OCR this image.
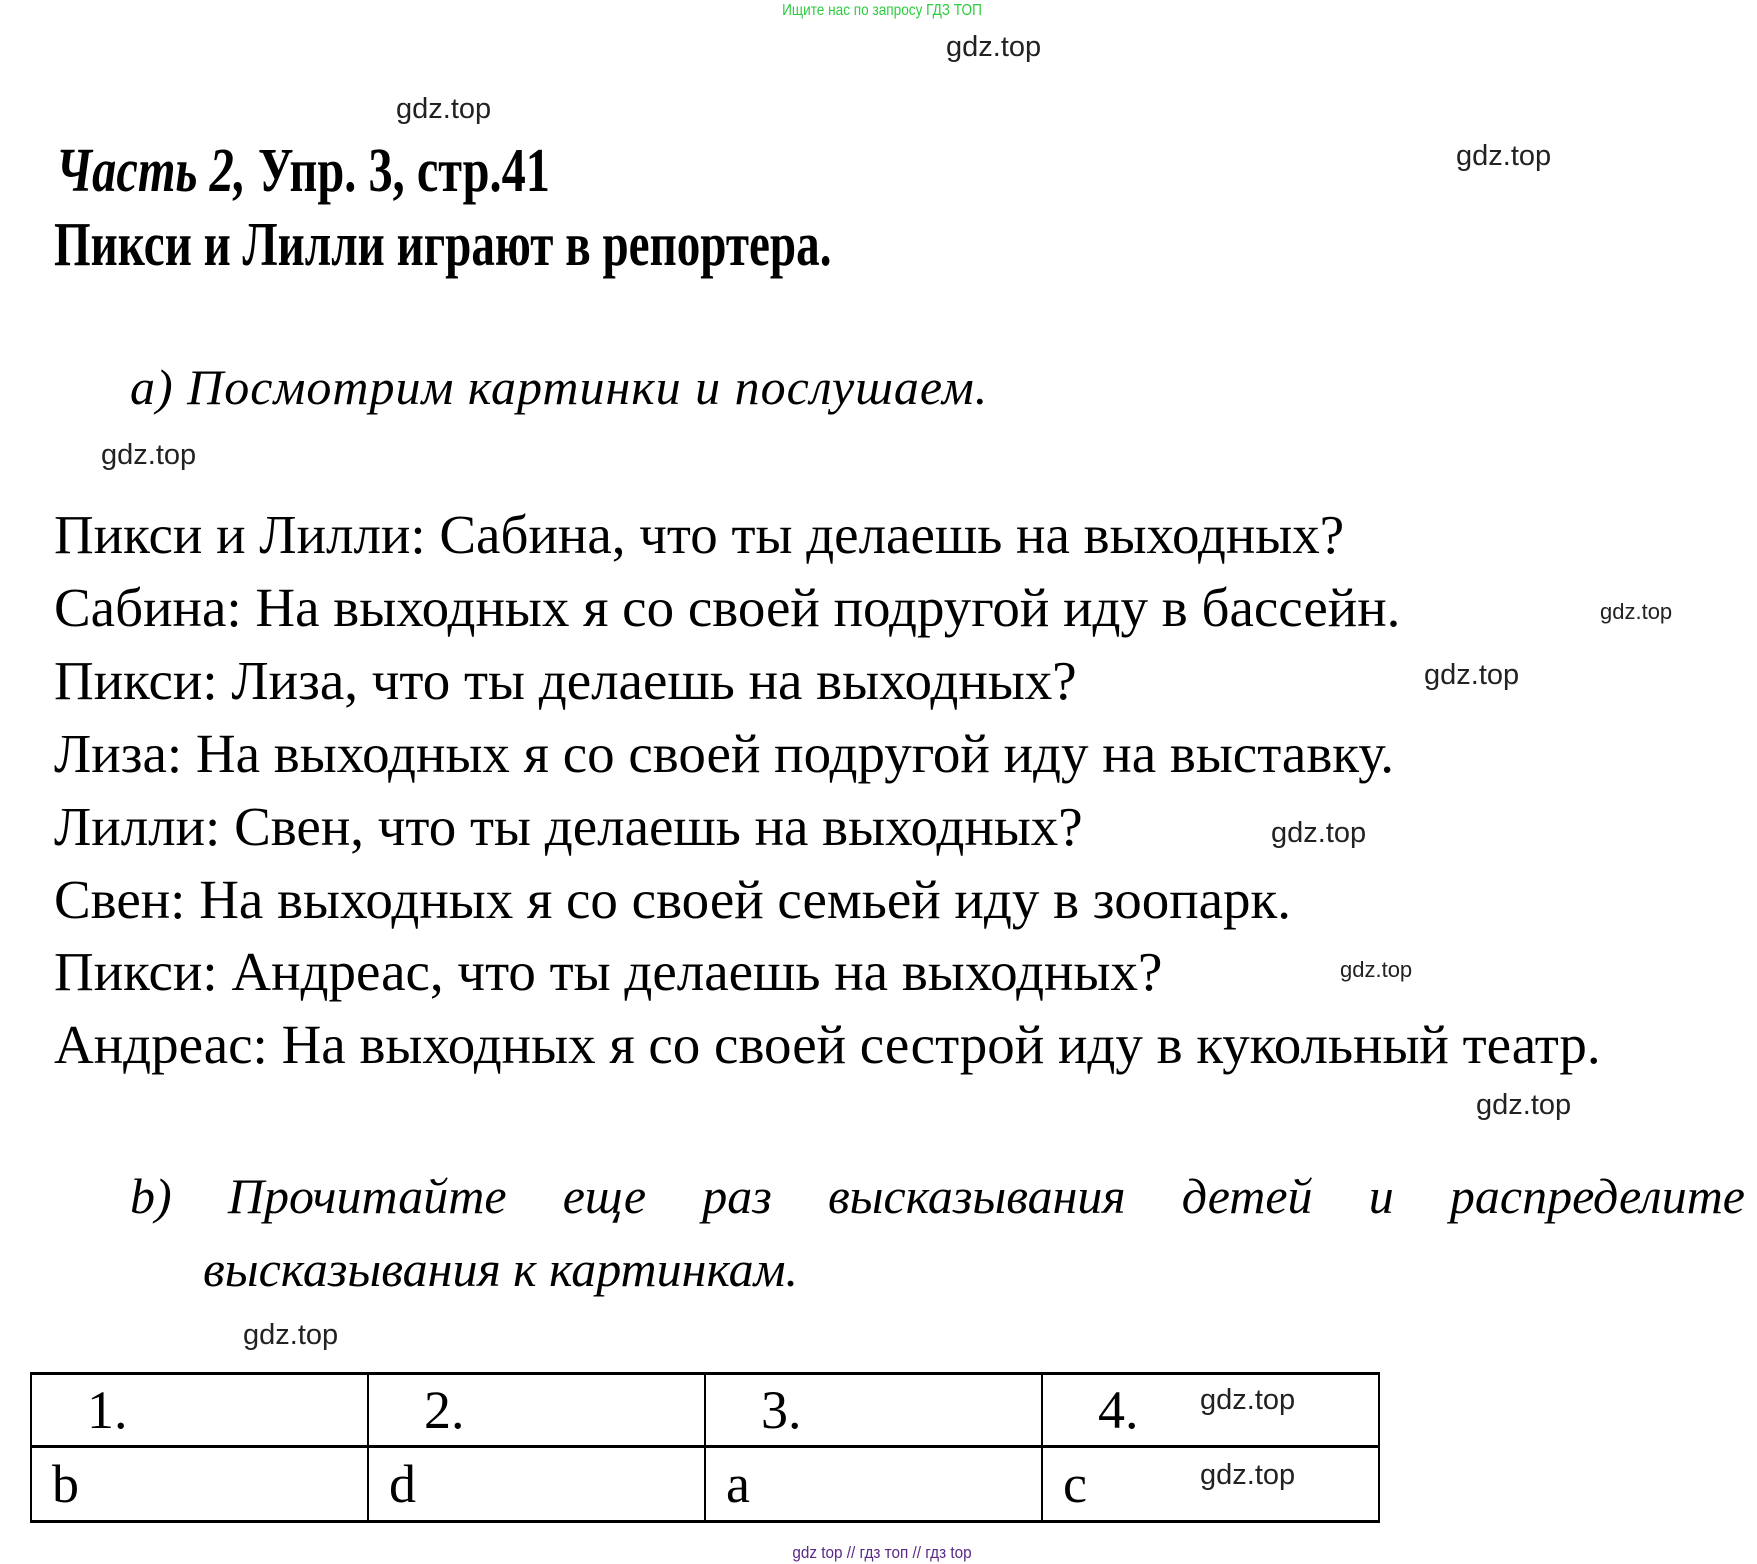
Ищите нас по запросу ГДЗ ТОП
gdz.top
gdz.top
gdz.top
Часть 2, Упр. 3, стр.41
Пикси и Лилли играют в репортера.
a) Посмотрим картинки и послушаем.
gdz.top
Пикси и Лилли: Сабина, что ты делаешь на выходных?
Сабина: На выходных я со своей подругой иду в бассейн.
Пикси: Лиза, что ты делаешь на выходных?
Лиза: На выходных я со своей подругой иду на выставку.
Лилли: Свен, что ты делаешь на выходных?
Свен: На выходных я со своей семьей иду в зоопарк.
Пикси: Андреас, что ты делаешь на выходных?
Андреас: На выходных я со своей сестрой иду в кукольный театр.
gdz.top
gdz.top
gdz.top
gdz.top
gdz.top
b) Прочитайте еще раз высказывания детей и распределите
высказывания к картинкам.
gdz.top
1.	2.	3.	4.
b	d	a	c
gdz.top
gdz.top
gdz top // гдз топ // гдз top
